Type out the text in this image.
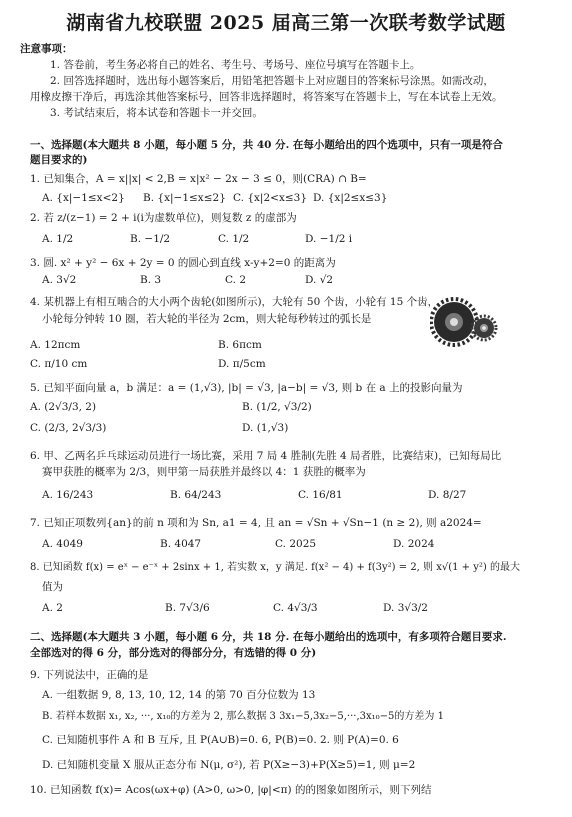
湖南省九校联盟 2025 届高三第一次联考数学试题
注意事项：
1. 答卷前，考生务必将自己的姓名、考生号、考场号、座位号填写在答题卡上。
2. 回答选择题时，选出每小题答案后，用铅笔把答题卡上对应题目的答案标号涂黑。如需改动，
用橡皮擦干净后，再选涂其他答案标号，回答非选择题时，将答案写在答题卡上，写在本试卷上无效。
3. 考试结束后，将本试卷和答题卡一并交回。
一、选择题(本大题共 8 小题，每小题 5 分，共 40 分. 在每小题给出的四个选项中，只有一项是符合
题目要求的)
1. 已知集合，A = x||x| < 2,B = x|x² − 2x − 3 ≤ 0，则(CRA) ∩ B=
A. {x|−1≤x<2} B. {x|−1≤x≤2} C. {x|2<x≤3} D. {x|2≤x≤3}
2. 若 z/(z−1) = 2 + i(i为虚数单位)，则复数 z 的虚部为
A. 1/2	B. −1/2	C. 1/2	D. −1/2 i
3. 圆. x² + y² − 6x + 2y = 0 的圆心到直线 x-y+2=0 的距离为
A. 3√2	B. 3	C. 2	D. √2
4. 某机器上有相互啮合的大小两个齿轮(如图所示)，大轮有 50 个齿，小轮有 15 个齿，
小轮每分钟转 10 圈，若大轮的半径为 2cm，则大轮每秒转过的弧长是
A. 12πcm	B. 6πcm
C. π/10 cm	D. π/5cm
5. 已知平面向量 a，b 满足：a = (1,√3), |b| = √3, |a−b| = √3, 则 b 在 a 上的投影向量为
A. (2√3/3, 2)	B. (1/2, √3/2)
C. (2/3, 2√3/3)	D. (1,√3)
6. 甲、乙两名乒乓球运动员进行一场比赛，采用 7 局 4 胜制(先胜 4 局者胜，比赛结束)，已知每局比
赛甲获胜的概率为 2/3，则甲第一局获胜并最终以 4：1 获胜的概率为
A. 16/243	B. 64/243	C. 16/81	D. 8/27
7. 已知正项数列{an}的前 n 项和为 Sn, a1 = 4, 且 an = √Sn + √Sn−1 (n ≥ 2), 则 a2024=
A. 4049	B. 4047	C. 2025	D. 2024
8. 已知函数 f(x) = eˣ − e⁻ˣ + 2sinx + 1, 若实数 x，y 满足. f(x² − 4) + f(3y²) = 2, 则 x√(1 + y²) 的最大
值为
A. 2	B. 7√3/6	C. 4√3/3	D. 3√3/2
二、选择题(本大题共 3 小题，每小题 6 分，共 18 分. 在每小题给出的选项中，有多项符合题目要求.
全部选对的得 6 分，部分选对的得部分分，有选错的得 0 分)
9. 下列说法中，正确的是
A. 一组数据 9, 8, 13, 10, 12, 14 的第 70 百分位数为 13
B. 若样本数据 x₁, x₂, ···, x₁₀的方差为 2, 那么数据 3 3x₁−5,3x₂−5,···,3x₁₀−5的方差为 1
C. 已知随机事件 A 和 B 互斥, 且 P(A∪B)=0. 6, P(B)=0. 2. 则 P(A)=0. 6
D. 已知随机变量 X 服从正态分布 N(μ, σ²), 若 P(X≥−3)+P(X≥5)=1, 则 μ=2
10. 已知函数 f(x)= Acos(ωx+φ) (A>0, ω>0, |φ|<π) 的的图象如图所示，则下列结
